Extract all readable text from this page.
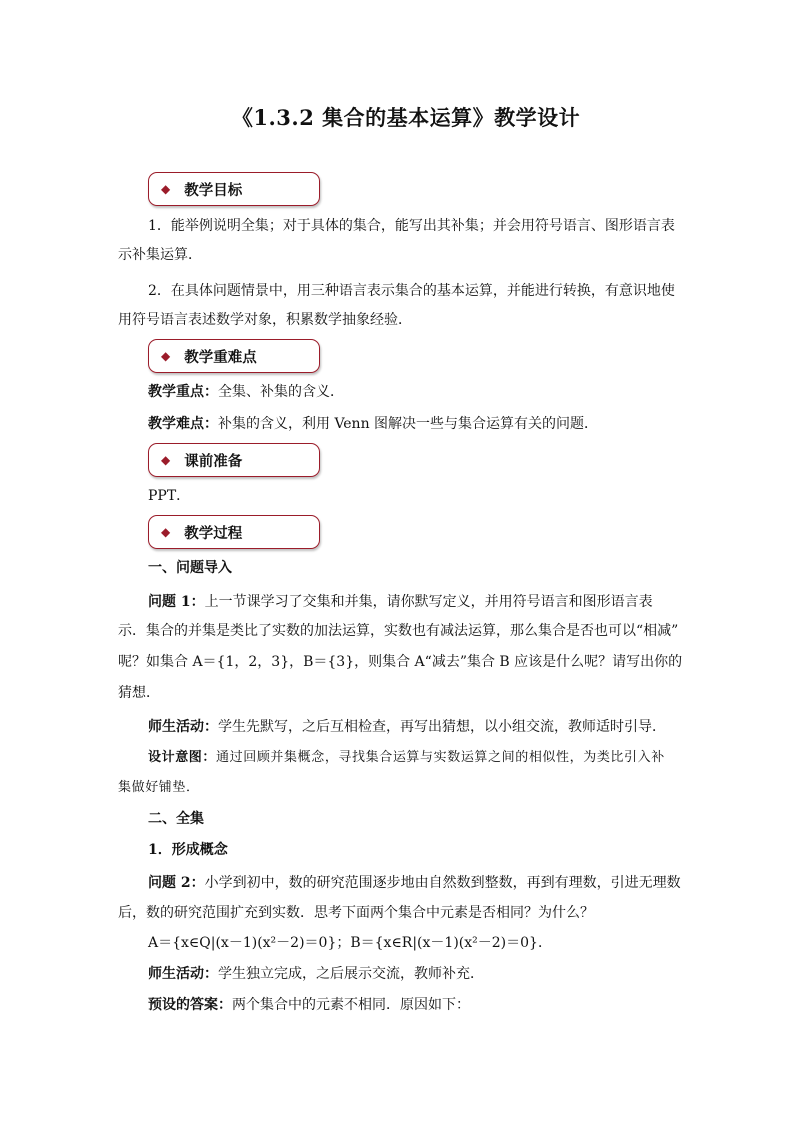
《1.3.2 集合的基本运算》教学设计
◆ 教学目标
1．能举例说明全集；对于具体的集合，能写出其补集；并会用符号语言、图形语言表
示补集运算．
2．在具体问题情景中，用三种语言表示集合的基本运算，并能进行转换，有意识地使
用符号语言表述数学对象，积累数学抽象经验．
◆ 教学重难点
教学重点：全集、补集的含义．
教学难点：补集的含义，利用 Venn 图解决一些与集合运算有关的问题．
◆ 课前准备
PPT．
◆ 教学过程
一、问题导入
问题 1：上一节课学习了交集和并集，请你默写定义，并用符号语言和图形语言表
示．集合的并集是类比了实数的加法运算，实数也有减法运算，那么集合是否也可以“相减”
呢？如集合 A＝{1，2，3}，B＝{3}，则集合 A“减去”集合 B 应该是什么呢？请写出你的
猜想．
师生活动：学生先默写，之后互相检查，再写出猜想，以小组交流，教师适时引导．
设计意图：通过回顾并集概念，寻找集合运算与实数运算之间的相似性，为类比引入补
集做好铺垫．
二、全集
1．形成概念
问题 2：小学到初中，数的研究范围逐步地由自然数到整数，再到有理数，引进无理数
后，数的研究范围扩充到实数．思考下面两个集合中元素是否相同？为什么？
A＝{x∈Q|(x－1)(x²－2)＝0}；B＝{x∈R|(x－1)(x²－2)＝0}．
师生活动：学生独立完成，之后展示交流，教师补充．
预设的答案：两个集合中的元素不相同．原因如下：
